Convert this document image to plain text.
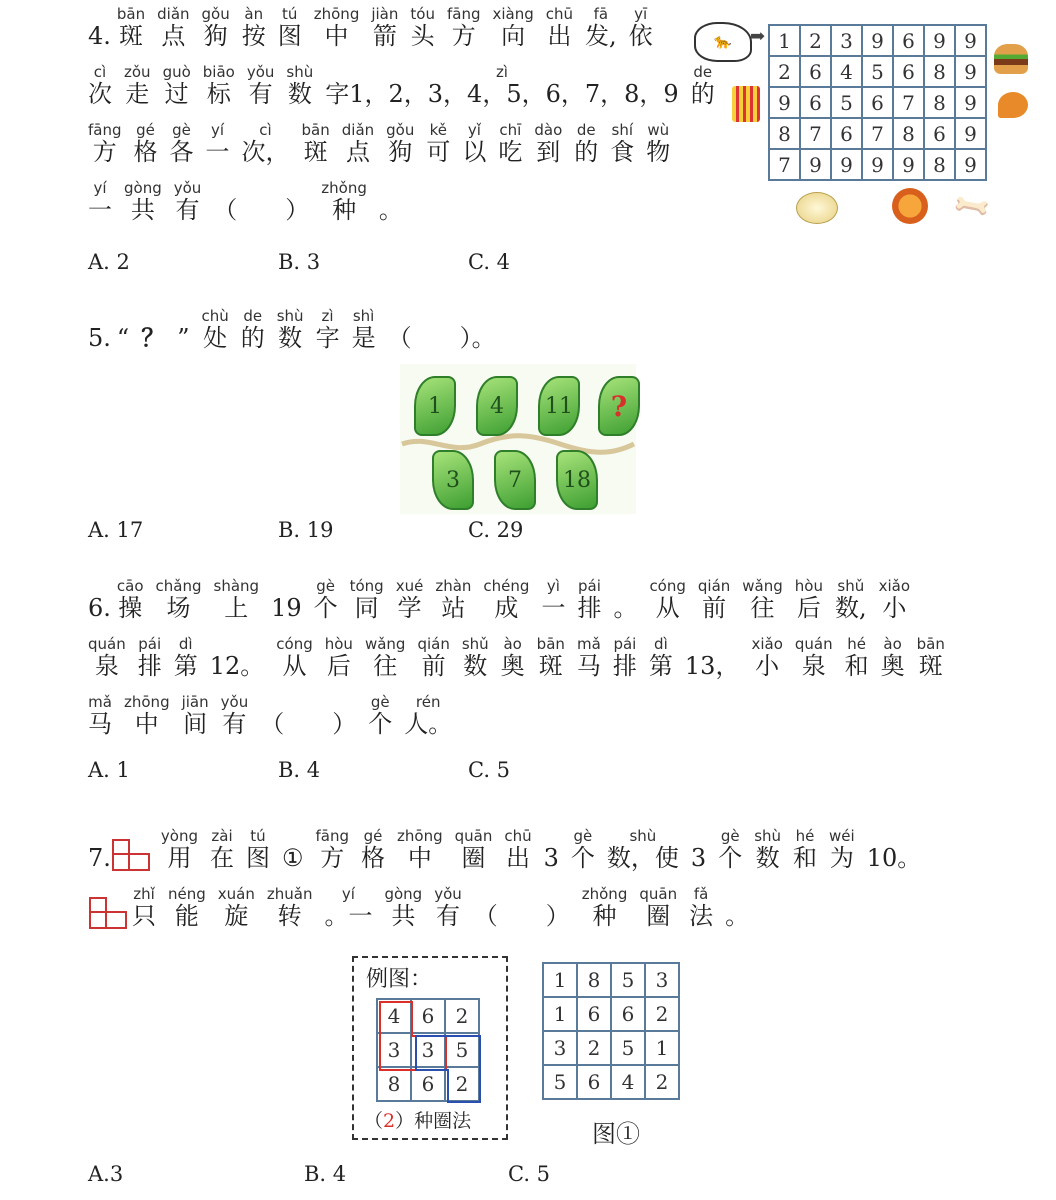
4.
bān
斑
diǎn
点
gǒu
狗
àn
按
tú
图
zhōng
中
jiàn
箭
tóu
头
fāng
方
xiàng
向
chū
出
fā
发,
yī
依
cì
次
zǒu
走
guò
过
biāo
标
yǒu
有
shù
数
zì
字1，2，3，4，5，6，7，8，9
de
的
fāng
方
gé
格
gè
各
yí
一
cì
次，
bān
斑
diǎn
点
gǒu
狗
kě
可
yǐ
以
chī
吃
dào
到
de
的
shí
食
wù
物
yí
一
gòng
共
yǒu
有 （　　）
zhǒng
种 。
A. 2	B. 3	C. 4
🐆	➡ 1	2	3	9	6	9	9
2	6	4	5	6	8	9
9	6	5	6	7	8	9
8	7	6	7	8	6	9
7	9	9	9	9	8	9
🦴
5. “ ？ ”
chù
处
de
的
shù
数
zì
字
shì
是 （　　）。
1	4	11	?
3	7	18
A. 17	B. 19	C. 29
6.
cāo
操
chǎng
场
shàng
上 19
gè
个
tóng
同
xué
学
zhàn
站
chéng
成
yì
一
pái
排 。
cóng
从
qián
前
wǎng
往
hòu
后
shǔ
数,
xiǎo
小
quán
泉
pái
排
dì
第 12。
cóng
从
hòu
后
wǎng
往
qián
前
shǔ
数
ào
奥
bān
斑
mǎ
马
pái
排
dì
第 13，
xiǎo
小
quán
泉
hé
和
ào
奥
bān
斑
mǎ
马
zhōng
中
jiān
间
yǒu
有 （　　）
gè
个
rén
人。
A. 1	B. 4	C. 5
7.
yòng
用
zài
在
tú
图 ①
fāng
方
gé
格
zhōng
中
quān
圈
chū
出 3
gè
个
shù
数，使 3
gè
个
shù
数
hé
和
wéi
为 10。
zhǐ
只
néng
能
xuán
旋
zhuǎn
转
yí
。一
gòng
共
yǒu
有 （　　）
zhǒng
种
quān
圈
fǎ
法 。
例图：
4	6	2
3	3	5
8	6	2
（2）种圈法
1	8	5	3
1	6	6	2
3	2	5	1
5	6	4	2
图①
A.3	B. 4	C. 5
